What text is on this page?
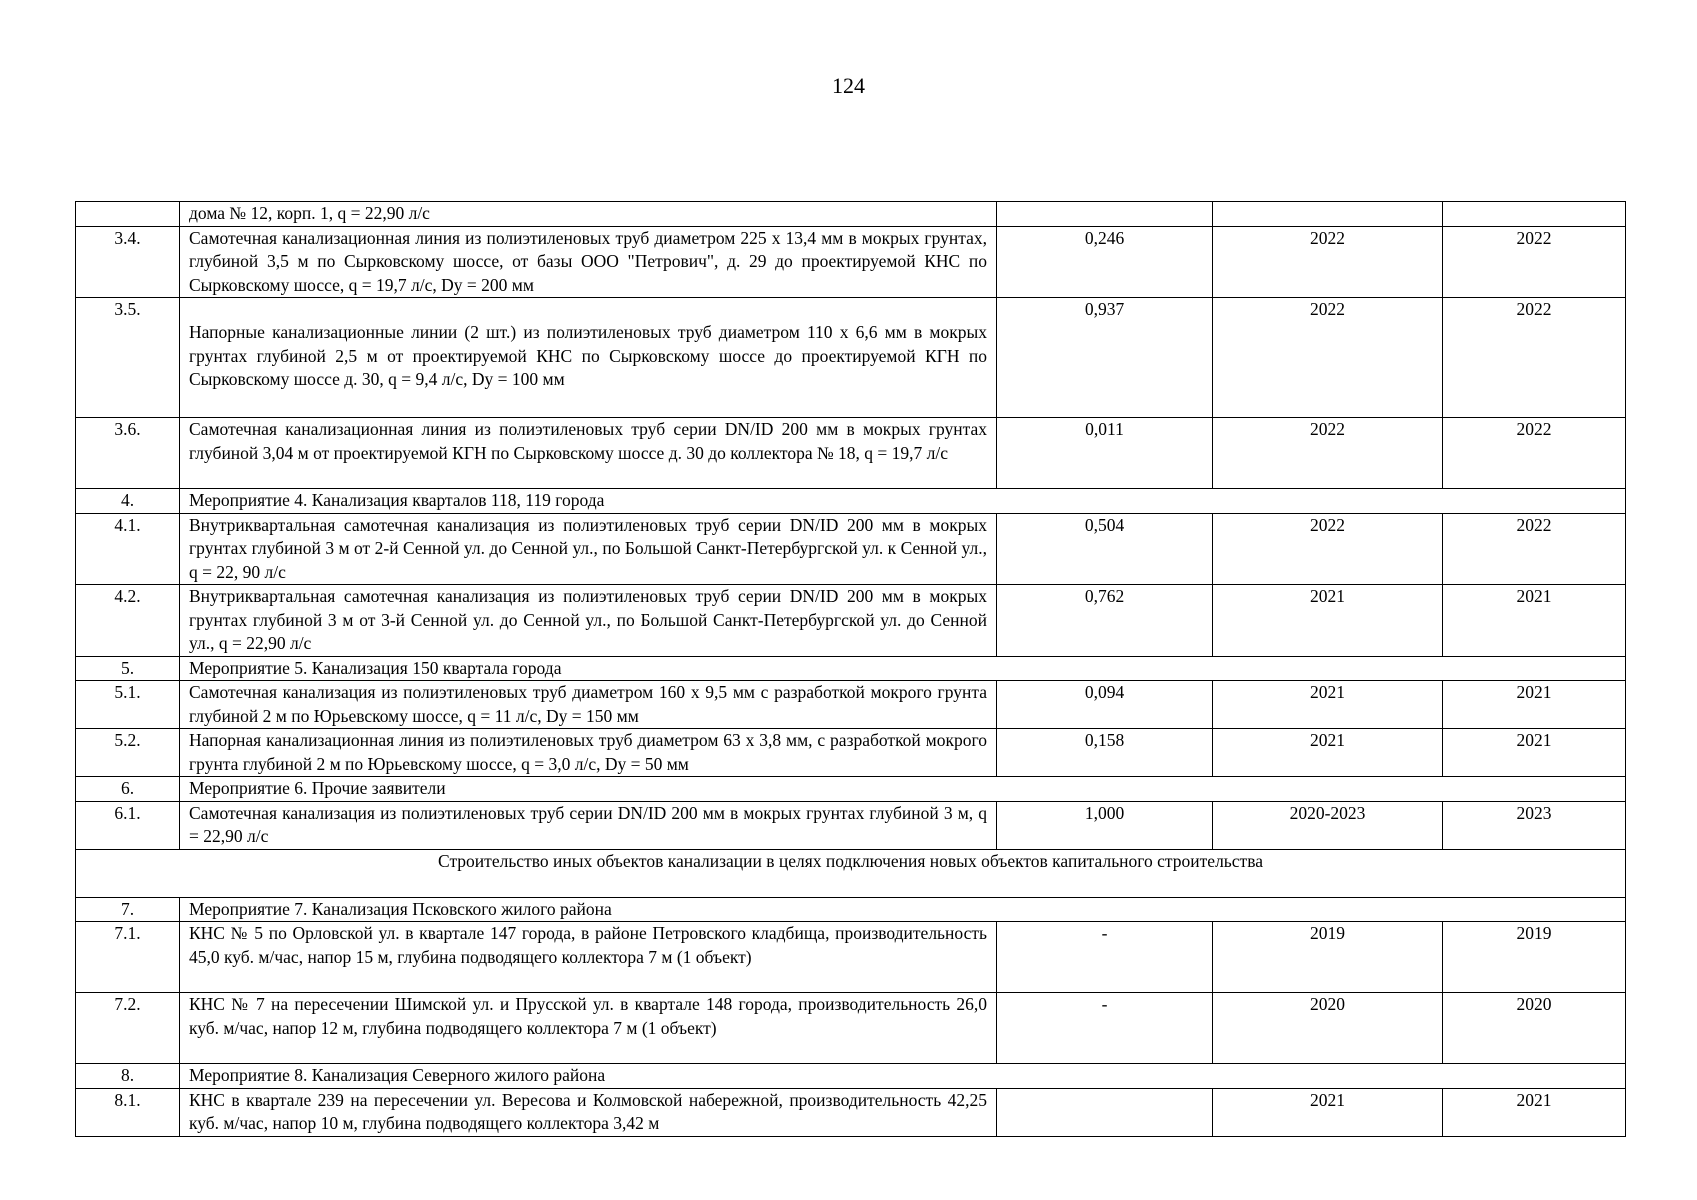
124
	дома № 12, корп. 1, q = 22,90 л/с			
3.4.	Самотечная канализационная линия из полиэтиленовых труб диаметром 225 х 13,4 мм в мокрых грунтах, глубиной 3,5 м по Сырковскому шоссе, от базы ООО "Петрович", д. 29 до проектируемой КНС по Сырковскому шоссе, q = 19,7 л/с, Dy = 200 мм	0,246	2022	2022
3.5.	Напорные канализационные линии (2 шт.) из полиэтиленовых труб диаметром 110 х 6,6 мм в мокрых грунтах глубиной 2,5 м от проектируемой КНС по Сырковскому шоссе до проектируемой КГН по Сырковскому шоссе д. 30, q = 9,4 л/с, Dy = 100 мм	0,937	2022	2022
3.6.	Самотечная канализационная линия из полиэтиленовых труб серии DN/ID 200 мм в мокрых грунтах глубиной 3,04 м от проектируемой КГН по Сырковскому шоссе д. 30 до коллектора № 18, q = 19,7 л/с	0,011	2022	2022
4.	Мероприятие 4. Канализация кварталов 118, 119 города			
4.1.	Внутриквартальная самотечная канализация из полиэтиленовых труб серии DN/ID 200 мм в мокрых грунтах глубиной 3 м от 2-й Сенной ул. до Сенной ул., по Большой Санкт-Петербургской ул. к Сенной ул., q = 22, 90 л/с	0,504	2022	2022
4.2.	Внутриквартальная самотечная канализация из полиэтиленовых труб серии DN/ID 200 мм в мокрых грунтах глубиной 3 м от 3-й Сенной ул. до Сенной ул., по Большой Санкт-Петербургской ул. до Сенной ул., q = 22,90 л/с	0,762	2021	2021
5.	Мероприятие 5. Канализация 150 квартала города			
5.1.	Самотечная канализация из полиэтиленовых труб диаметром 160 х 9,5 мм с разработкой мокрого грунта глубиной 2 м по Юрьевскому шоссе, q = 11 л/с, Dy = 150 мм	0,094	2021	2021
5.2.	Напорная канализационная линия из полиэтиленовых труб диаметром 63 х 3,8 мм, с разработкой мокрого грунта глубиной 2 м по Юрьевскому шоссе, q = 3,0 л/с, Dy = 50 мм	0,158	2021	2021
6.	Мероприятие 6. Прочие заявители			
6.1.	Самотечная канализация из полиэтиленовых труб серии DN/ID 200 мм в мокрых грунтах глубиной 3 м, q = 22,90 л/с	1,000	2020-2023	2023
Строительство иных объектов канализации в целях подключения новых объектов капитального строительства				
7.	Мероприятие 7. Канализация Псковского жилого района			
7.1.	КНС № 5 по Орловской ул. в квартале 147 города, в районе Петровского кладбища, производительность 45,0 куб. м/час, напор 15 м, глубина подводящего коллектора 7 м (1 объект)	-	2019	2019
7.2.	КНС № 7 на пересечении Шимской ул. и Прусской ул. в квартале 148 города, производительность 26,0 куб. м/час, напор 12 м, глубина подводящего коллектора 7 м (1 объект)	-	2020	2020
8.	Мероприятие 8. Канализация Северного жилого района			
8.1.	КНС в квартале 239 на пересечении ул. Вересова и Колмовской набережной, производительность 42,25 куб. м/час, напор 10 м, глубина подводящего коллектора 3,42 м		2021	2021
